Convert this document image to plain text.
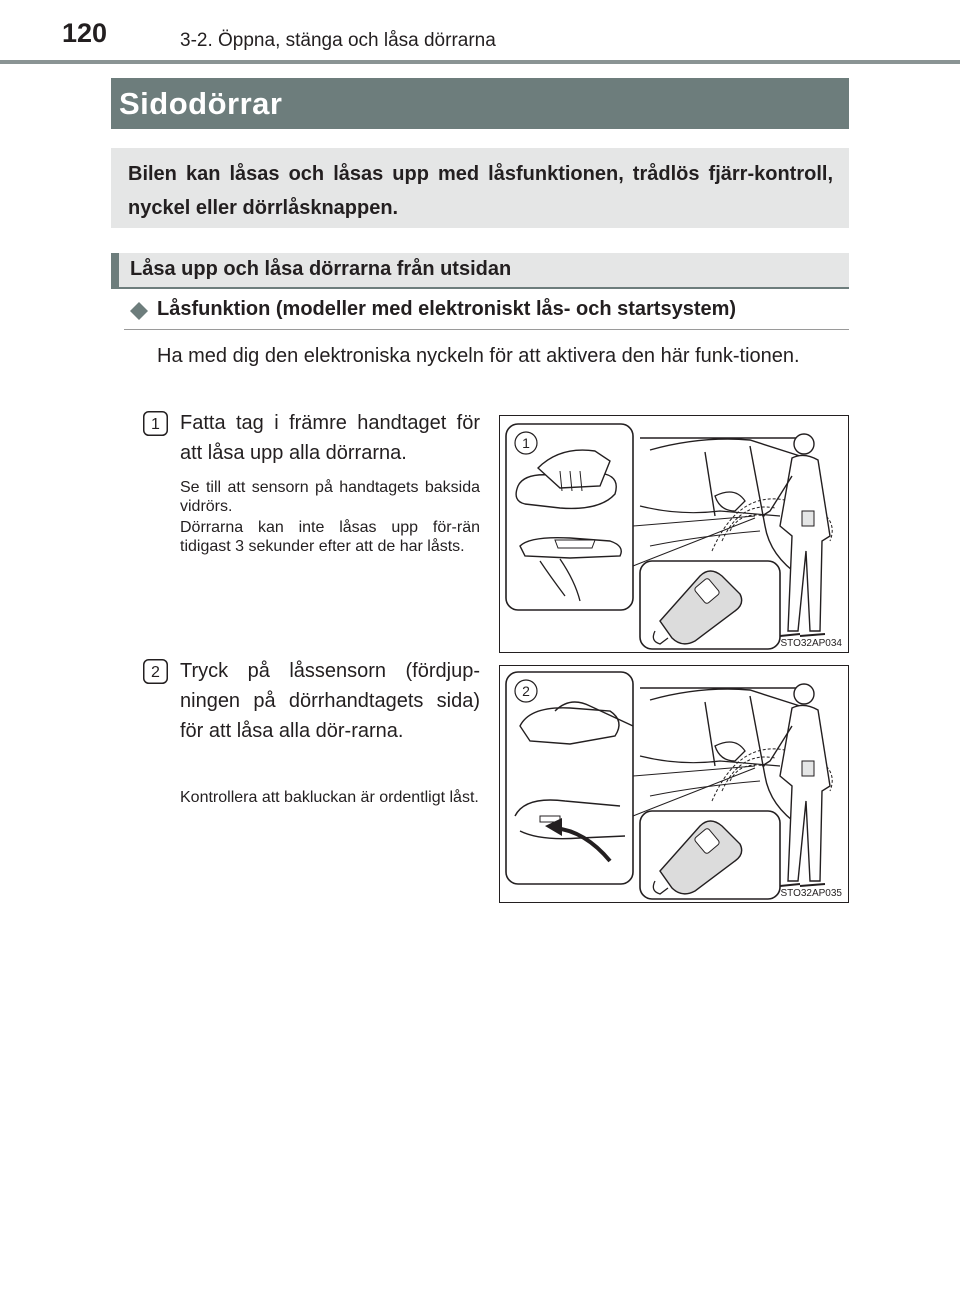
120	3-2. Öppna, stänga och låsa dörrarna
Sidodörrar
Bilen kan låsas och låsas upp med låsfunktionen, trådlös fjärr-kontroll, nyckel eller dörrlåsknappen.
Låsa upp och låsa dörrarna från utsidan
Låsfunktion (modeller med elektroniskt lås- och startsystem)
Ha med dig den elektroniska nyckeln för att aktivera den här funk-tionen.
1 Fatta tag i främre handtaget för att låsa upp alla dörrarna.
Se till att sensorn på handtagets baksida vidrörs.
Dörrarna kan inte låsas upp för-rän tidigast 3 sekunder efter att de har låsts.
1
STO32AP034
2 Tryck på låssensorn (fördjup-ningen på dörrhandtagets sida) för att låsa alla dör-rarna.
Kontrollera att bakluckan är ordentligt låst.
2
STO32AP035
